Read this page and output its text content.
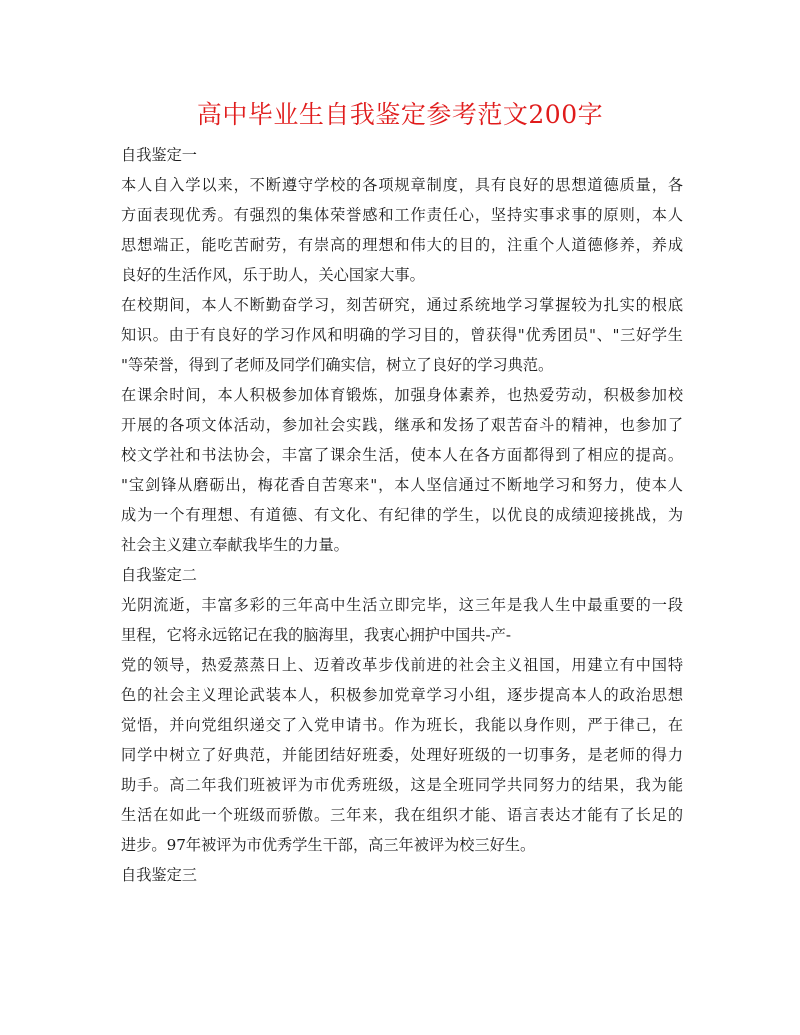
高中毕业生自我鉴定参考范文200字
自我鉴定一
本人自入学以来，不断遵守学校的各项规章制度，具有良好的思想道德质量，各
方面表现优秀。有强烈的集体荣誉感和工作责任心，坚持实事求事的原则，本人
思想端正，能吃苦耐劳，有崇高的理想和伟大的目的，注重个人道德修养，养成
良好的生活作风，乐于助人，关心国家大事。
在校期间，本人不断勤奋学习，刻苦研究，通过系统地学习掌握较为扎实的根底
知识。由于有良好的学习作风和明确的学习目的，曾获得"优秀团员"、"三好学生
"等荣誉，得到了老师及同学们确实信，树立了良好的学习典范。
在课余时间，本人积极参加体育锻炼，加强身体素养，也热爱劳动，积极参加校
开展的各项文体活动，参加社会实践，继承和发扬了艰苦奋斗的精神，也参加了
校文学社和书法协会，丰富了课余生活，使本人在各方面都得到了相应的提高。
"宝剑锋从磨砺出，梅花香自苦寒来"，本人坚信通过不断地学习和努力，使本人
成为一个有理想、有道德、有文化、有纪律的学生，以优良的成绩迎接挑战，为
社会主义建立奉献我毕生的力量。
自我鉴定二
光阴流逝，丰富多彩的三年高中生活立即完毕，这三年是我人生中最重要的一段
里程，它将永远铭记在我的脑海里，我衷心拥护中国共-产-
党的领导，热爱蒸蒸日上、迈着改革步伐前进的社会主义祖国，用建立有中国特
色的社会主义理论武装本人，积极参加党章学习小组，逐步提高本人的政治思想
觉悟，并向党组织递交了入党申请书。作为班长，我能以身作则，严于律己，在
同学中树立了好典范，并能团结好班委，处理好班级的一切事务，是老师的得力
助手。高二年我们班被评为市优秀班级，这是全班同学共同努力的结果，我为能
生活在如此一个班级而骄傲。三年来，我在组织才能、语言表达才能有了长足的
进步。97年被评为市优秀学生干部，高三年被评为校三好生。
自我鉴定三
